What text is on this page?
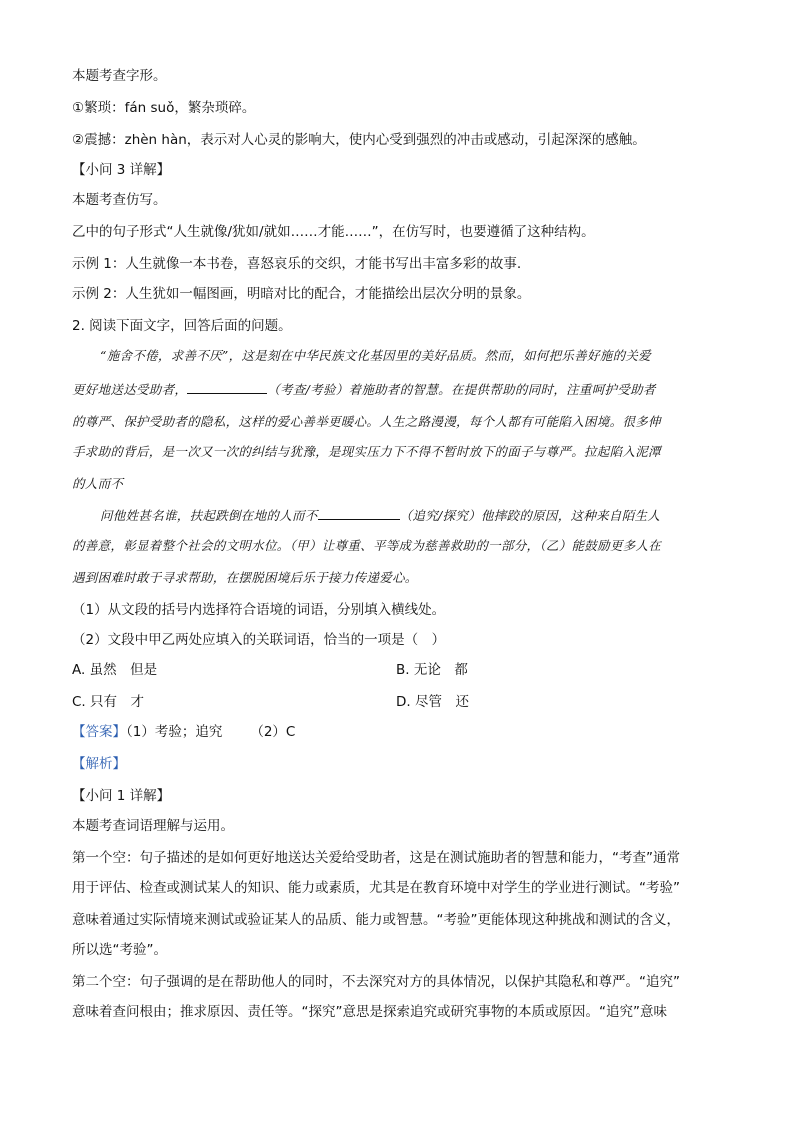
本题考查字形。
①繁琐：fán suǒ，繁杂琐碎。
②震撼：zhèn hàn，表示对人心灵的影响大，使内心受到强烈的冲击或感动，引起深深的感触。
【小问 3 详解】
本题考查仿写。
乙中的句子形式“人生就像/犹如/就如……才能……”，在仿写时，也要遵循了这种结构。
示例 1：人生就像一本书卷，喜怒哀乐的交织，才能书写出丰富多彩的故事.
示例 2：人生犹如一幅图画，明暗对比的配合，才能描绘出层次分明的景象。
2. 阅读下面文字，回答后面的问题。
“施舍不倦，求善不厌”，这是刻在中华民族文化基因里的美好品质。然而，如何把乐善好施的关爱
更好地送达受助者，	（考查/考验）着施助者的智慧。在提供帮助的同时，注重呵护受助者
的尊严、保护受助者的隐私，这样的爱心善举更暖心。人生之路漫漫，每个人都有可能陷入困境。很多伸
手求助的背后，是一次又一次的纠结与犹豫，是现实压力下不得不暂时放下的面子与尊严。拉起陷入泥潭
的人而不
问他姓甚名谁，扶起跌倒在地的人而不	（追究/探究）他摔跤的原因，这种来自陌生人
的善意，彰显着整个社会的文明水位。（甲）让尊重、平等成为慈善救助的一部分，（乙）能鼓励更多人在
遇到困难时敢于寻求帮助，在摆脱困境后乐于接力传递爱心。
（1）从文段的括号内选择符合语境的词语，分别填入横线处。
（2）文段中甲乙两处应填入的关联词语，恰当的一项是（　）
A. 虽然　但是	B. 无论　都
C. 只有　才	D. 尽管　还
【答案】（1）考验；追究 （2）C
【解析】
【小问 1 详解】
本题考查词语理解与运用。
第一个空：句子描述的是如何更好地送达关爱给受助者，这是在测试施助者的智慧和能力，“考查”通常
用于评估、检查或测试某人的知识、能力或素质，尤其是在教育环境中对学生的学业进行测试。“考验”
意味着通过实际情境来测试或验证某人的品质、能力或智慧。“考验”更能体现这种挑战和测试的含义，
所以选“考验”。
第二个空：句子强调的是在帮助他人的同时，不去深究对方的具体情况，以保护其隐私和尊严。“追究”
意味着查问根由；推求原因、责任等。“探究”意思是探索追究或研究事物的本质或原因。“追究”意味
